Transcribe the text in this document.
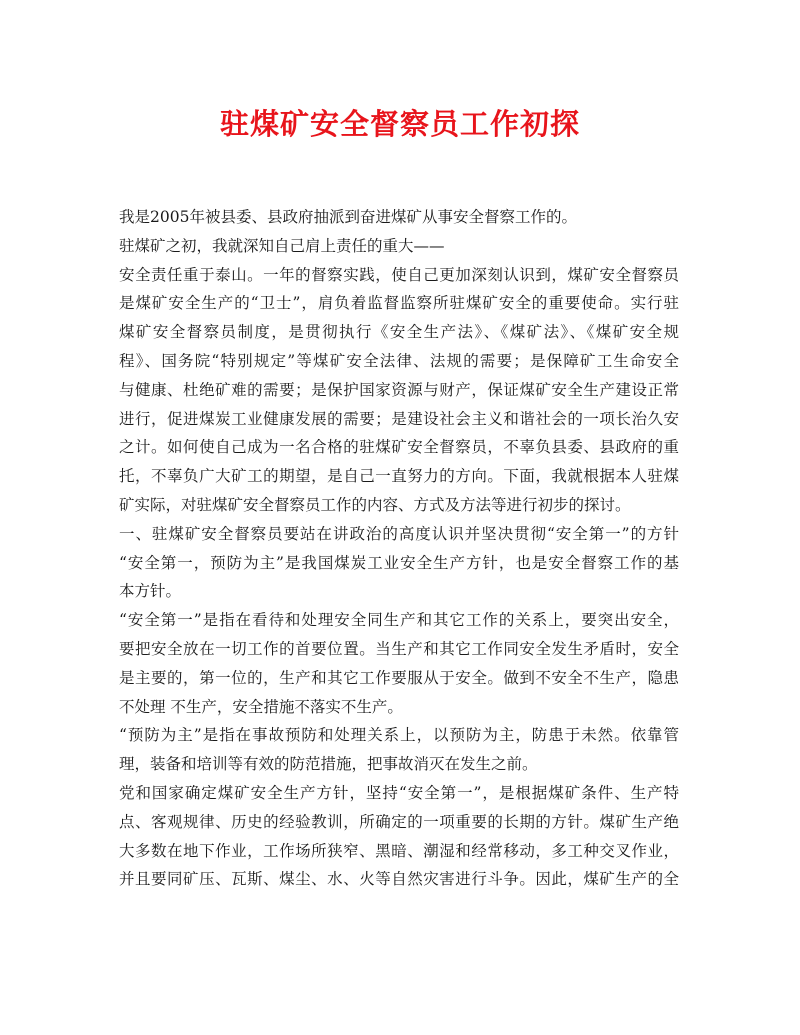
驻煤矿安全督察员工作初探
我是2005年被县委、县政府抽派到奋进煤矿从事安全督察工作的。
驻煤矿之初，我就深知自己肩上责任的重大——
安全责任重于泰山。一年的督察实践，使自己更加深刻认识到，煤矿安全督察员
是煤矿安全生产的“卫士”，肩负着监督监察所驻煤矿安全的重要使命。实行驻
煤矿安全督察员制度，是贯彻执行《安全生产法》、《煤矿法》、《煤矿安全规
程》、国务院“特别规定”等煤矿安全法律、法规的需要；是保障矿工生命安全
与健康、杜绝矿难的需要；是保护国家资源与财产，保证煤矿安全生产建设正常
进行，促进煤炭工业健康发展的需要；是建设社会主义和谐社会的一项长治久安
之计。如何使自己成为一名合格的驻煤矿安全督察员，不辜负县委、县政府的重
托，不辜负广大矿工的期望，是自己一直努力的方向。下面，我就根据本人驻煤
矿实际，对驻煤矿安全督察员工作的内容、方式及方法等进行初步的探讨。
一、驻煤矿安全督察员要站在讲政治的高度认识并坚决贯彻“安全第一”的方针
“安全第一，预防为主”是我国煤炭工业安全生产方针，也是安全督察工作的基
本方针。
“安全第一”是指在看待和处理安全同生产和其它工作的关系上，要突出安全，
要把安全放在一切工作的首要位置。当生产和其它工作同安全发生矛盾时，安全
是主要的，第一位的，生产和其它工作要服从于安全。做到不安全不生产，隐患
不处理 不生产，安全措施不落实不生产。
“预防为主”是指在事故预防和处理关系上，以预防为主，防患于未然。依靠管
理，装备和培训等有效的防范措施，把事故消灭在发生之前。
党和国家确定煤矿安全生产方针，坚持“安全第一”，是根据煤矿条件、生产特
点、客观规律、历史的经验教训，所确定的一项重要的长期的方针。煤矿生产绝
大多数在地下作业，工作场所狭窄、黑暗、潮湿和经常移动，多工种交叉作业，
并且要同矿压、瓦斯、煤尘、水、火等自然灾害进行斗争。因此，煤矿生产的全
